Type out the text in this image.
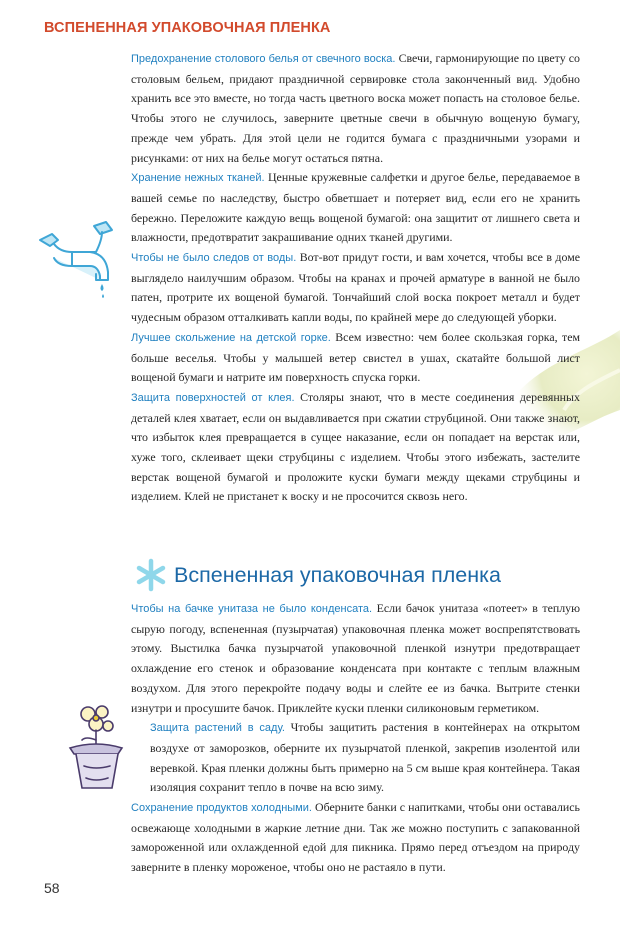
ВСПЕНЕННАЯ УПАКОВОЧНАЯ ПЛЕНКА

Предохранение столового белья от свечного воска. Свечи, гармонирующие по цвету со столовым бельем, придают праздничной сервировке стола законченный вид. Удобно хранить все это вместе, но тогда часть цветного воска может попасть на столовое белье. Чтобы этого не случилось, заверните цветные свечи в обычную вощеную бумагу, прежде чем убрать. Для этой цели не годится бумага с праздничными узорами и рисунками: от них на белье могут остаться пятна.

Хранение нежных тканей. Ценные кружевные салфетки и другое белье, передаваемое в вашей семье по наследству, быстро обветшает и потеряет вид, если его не хранить бережно. Переложите каждую вещь вощеной бумагой: она защитит от лишнего света и влажности, предотвратит закрашивание одних тканей другими.

Чтобы не было следов от воды. Вот-вот придут гости, и вам хочется, чтобы все в доме выглядело наилучшим образом. Чтобы на кранах и прочей арматуре в ванной не было патен, протрите их вощеной бумагой. Тончайший слой воска покроет металл и будет чудесным образом отталкивать капли воды, по крайней мере до следующей уборки.

Лучшее скольжение на детской горке. Всем известно: чем более скользкая горка, тем больше веселья. Чтобы у малышей ветер свистел в ушах, скатайте большой лист вощеной бумаги и натрите им поверхность спуска горки.

Защита поверхностей от клея. Столяры знают, что в месте соединения деревянных деталей клея хватает, если он выдавливается при сжатии струбциной. Они также знают, что избыток клея превращается в сущее наказание, если он попадает на верстак или, хуже того, склеивает щеки струбцины с изделием. Чтобы этого избежать, застелите верстак вощеной бумагой и проложите куски бумаги между щеками струбцины и изделием. Клей не пристанет к воску и не просочится сквозь него.

Вспененная упаковочная пленка

Чтобы на бачке унитаза не было конденсата. Если бачок унитаза «потеет» в теплую сырую погоду, вспененная (пузырчатая) упаковочная пленка может воспрепятствовать этому. Выстилка бачка пузырчатой упаковочной пленкой изнутри предотвращает охлаждение его стенок и образование конденсата при контакте с теплым влажным воздухом. Для этого перекройте подачу воды и слейте ее из бачка. Вытрите стенки изнутри и просушите бачок. Приклейте куски пленки силиконовым герметиком.

Защита растений в саду. Чтобы защитить растения в контейнерах на открытом воздухе от заморозков, оберните их пузырчатой пленкой, закрепив изолентой или веревкой. Края пленки должны быть примерно на 5 см выше края контейнера. Такая изоляция сохранит тепло в почве на всю зиму.

Сохранение продуктов холодными. Оберните банки с напитками, чтобы они оставались освежающе холодными в жаркие летние дни. Так же можно поступить с запакованной замороженной или охлажденной едой для пикника. Прямо перед отъездом на природу заверните в пленку мороженое, чтобы оно не растаяло в пути.

58
